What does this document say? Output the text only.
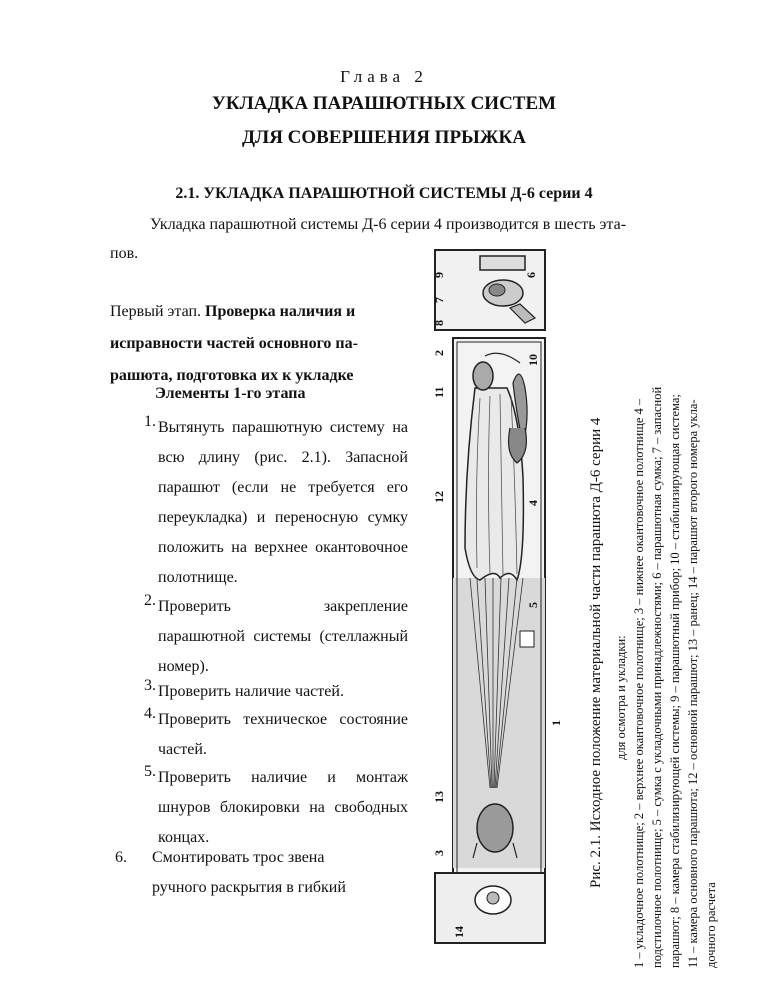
Глава 2
УКЛАДКА ПАРАШЮТНЫХ СИСТЕМ
ДЛЯ СОВЕРШЕНИЯ ПРЫЖКА
2.1. УКЛАДКА ПАРАШЮТНОЙ СИСТЕМЫ Д-6 серии 4
Укладка парашютной системы Д-6 серии 4 производится в шесть эта-
пов.
Первый этап. Проверка наличия и
исправности частей основного па-
рашюта, подготовка их к укладке
Элементы 1-го этапа
1. Вытянуть парашютную систему на всю длину (рис. 2.1). Запасной парашют (если не требуется его переукладка) и переносную сумку положить на верхнее окантовочное полотнище.
2. Проверить закрепление парашютной системы (стеллажный номер).
3. Проверить наличие частей.
4. Проверить техническое состояние частей.
5. Проверить наличие и монтаж шнуров блокировки на свободных концах.
6. Смонтировать трос звена
ручного раскрытия в гибкий
9	6
7
8
2
10
11
12	4
5
1
13
3
14
Рис. 2.1. Исходное положение материальной части парашюта Д-6 серии 4 для осмотра и укладки: 1 – укладочное полотнище; 2 – верхнее окантовочное полотнище; 3 – нижнее окантовочное полотнище 4 – подстилочное полотнище; 5 – сумка с укладочными принадлежностями; 6 – парашютная сумка; 7 – запасной парашют; 8 – камера стабилизирующей системы; 9 – парашютный прибор; 10 – стабилизирующая система; 11 – камера основного парашюта; 12 – основной парашют; 13 – ранец; 14 – парашют второго номера укла- дочного расчета
